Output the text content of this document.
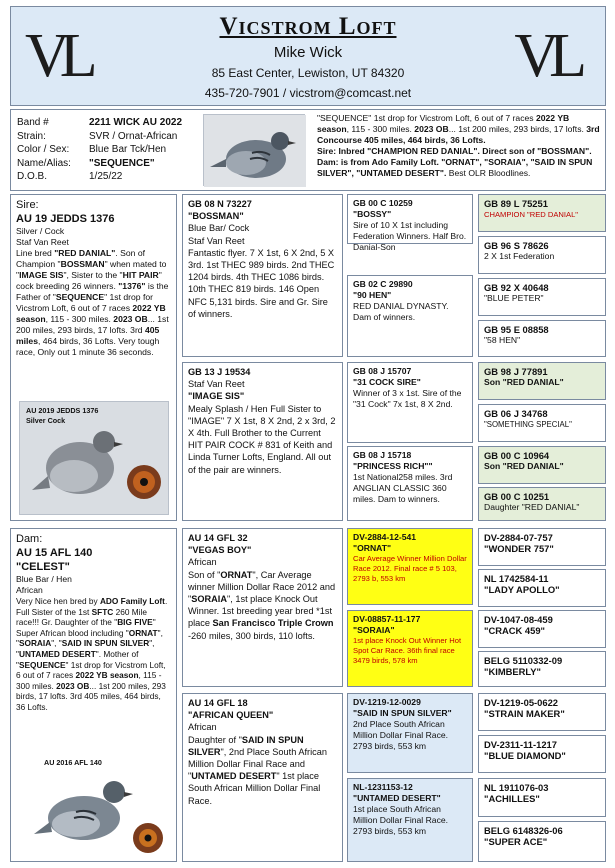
VL	VL
Vicstrom Loft
Mike Wick
85 East Center, Lewiston, UT 84320
435-720-7901 / vicstrom@comcast.net
Band #
Strain:
Color / Sex:
Name/Alias:
D.O.B.
2211 WICK AU 2022
SVR / Ornat-African
Blue Bar Tck/Hen
"SEQUENCE"
1/25/22
"SEQUENCE" 1st drop for Vicstrom Loft, 6 out of 7 races 2022 YB season, 115 - 300 miles. 2023 OB... 1st 200 miles, 293 birds, 17 lofts. 3rd Concourse 405 miles, 464 birds, 36 Lofts.
Sire: Inbred "CHAMPION RED DANIAL". Direct son of "BOSSMAN".
Dam: is from Ado Family Loft. "ORNAT", "SORAIA", "SAID IN SPUN SILVER", "UNTAMED DESERT". Best OLR Bloodlines.
Sire:
AU 19 JEDDS 1376
Silver / Cock
Staf Van Reet
Line bred "RED DANIAL". Son of Champion "BOSSMAN" when mated to "IMAGE SIS", Sister to the "HIT PAIR" cock breeding 26 winners. "1376" is the Father of "SEQUENCE" 1st drop for Vicstrom Loft, 6 out of 7 races 2022 YB season, 115 - 300 miles. 2023 OB... 1st 200 miles, 293 birds, 17 lofts. 3rd 405 miles, 464 birds, 36 Lofts. Very tough race, Only out 1 minute 36 seconds.
AU 2019 JEDDS 1376
Silver Cock
Dam:
AU 15 AFL 140
"CELEST"
Blue Bar / Hen
African
Very Nice hen bred by ADO Family Loft. Full Sister of the 1st SFTC 260 Mile race!!! Gr. Daughter of the "BIG FIVE" Super African blood including "ORNAT", "SORAIA", "SAID IN SPUN SILVER", "UNTAMED DESERT". Mother of "SEQUENCE" 1st drop for Vicstrom Loft, 6 out of 7 races 2022 YB season, 115 - 300 miles. 2023 OB... 1st 200 miles, 293 birds, 17 lofts. 3rd 405 miles, 464 birds, 36 Lofts.
AU 2016 AFL 140
GB 08 N 73227
"BOSSMAN"
Blue Bar/ Cock
Staf Van Reet
Fantastic flyer. 7 X 1st, 6 X 2nd, 5 X 3rd. 1st THEC 989 birds. 2nd THEC 1204 birds. 4th THEC 1086 birds. 10th THEC 819 birds. 146 Open NFC 5,131 birds. Sire and Gr. Sire of winners.
GB 13 J 19534
Staf Van Reet
"IMAGE SIS"
Mealy Splash / Hen Full Sister to "IMAGE" 7 X 1st, 8 X 2nd, 2 x 3rd, 2 X 4th. Full Brother to the Current HIT PAIR COCK # 831 of Keith and Linda Turner Lofts, England. All out of the pair are winners.
AU 14 GFL 32
"VEGAS BOY"
African
Son of "ORNAT", Car Average winner Million Dollar Race 2012 and "SORAIA", 1st place Knock Out Winner. 1st breeding year bred *1st place San Francisco Triple Crown -260 miles, 300 birds, 110 lofts.
AU 14 GFL 18
"AFRICAN QUEEN"
African
Daughter of "SAID IN SPUN SILVER", 2nd Place South African Million Dollar Final Race and "UNTAMED DESERT" 1st place South African Million Dollar Final Race.
GB 00 C 10259
"BOSSY"
Sire of 10 X 1st including Federation Winners. Half Bro. Danial-Son
GB 02 C 29890
"90 HEN"
RED DANIAL DYNASTY. Dam of winners.
GB 08 J 15707
"31 COCK SIRE"
Winner of 3 x 1st. Sire of the "31 Cock" 7x 1st, 8 X 2nd.
GB 08 J 15718
"PRINCESS RICH""
1st National258 miles. 3rd ANGLIAN CLASSIC 360 miles. Dam to winners.
DV-2884-12-541
"ORNAT"
Car Average Winner Million Dollar Race 2012. Final race # 5 103, 2793 b, 553 km
DV-08857-11-177
"SORAIA"
1st place Knock Out Winner Hot Spot Car Race. 36th final race 3479 birds, 578 km
DV-1219-12-0029
"SAID IN SPUN SILVER"
2nd Place South African Million Dollar Final Race. 2793 birds, 553 km
NL-1231153-12
"UNTAMED DESERT"
1st place South African Million Dollar Final Race. 2793 birds, 553 km
GB 89 L 75251
CHAMPION "RED DANIAL"
GB 96 S 78626
2 X 1st Federation
GB 92 X 40648
"BLUE PETER"
GB 95 E 08858
"58 HEN"
GB 98 J 77891
Son "RED DANIAL"
GB 06 J 34768
"SOMETHING SPECIAL"
GB 00 C 10964
Son "RED DANIAL"
GB 00 C 10251
Daughter "RED DANIAL"
DV-2884-07-757
"WONDER 757"
NL 1742584-11
"LADY APOLLO"
DV-1047-08-459
"CRACK 459"
BELG 5110332-09
"KIMBERLY"
DV-1219-05-0622
"STRAIN MAKER"
DV-2311-11-1217
"BLUE DIAMOND"
NL 1911076-03
"ACHILLES"
BELG 6148326-06
"SUPER ACE"
